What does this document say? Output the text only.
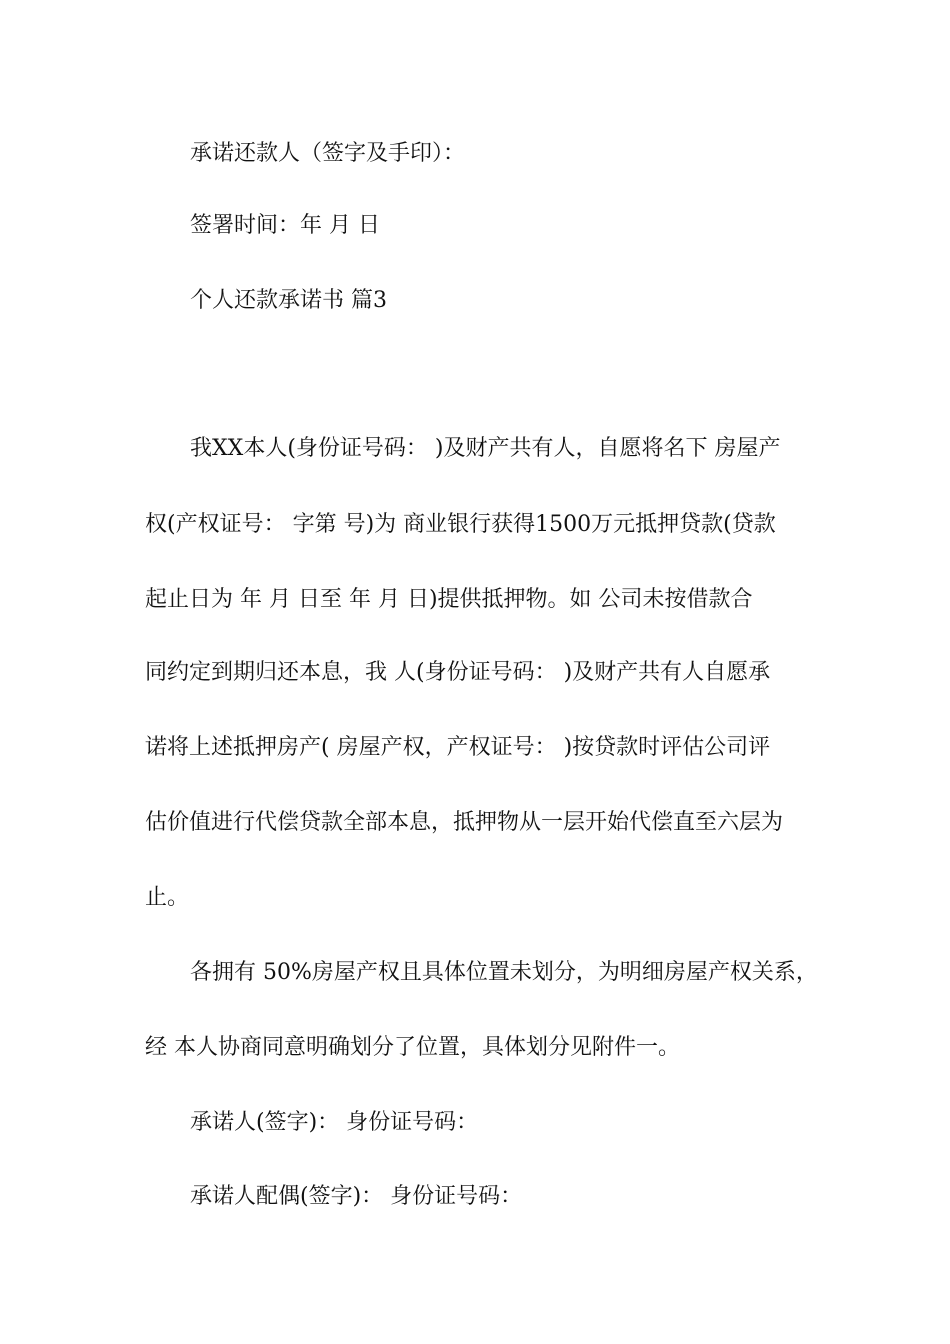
承诺还款人（签字及手印）：
签署时间：年 月 日
个人还款承诺书 篇3
我XX本人(身份证号码： )及财产共有人，自愿将名下 房屋产
权(产权证号： 字第 号)为 商业银行获得1500万元抵押贷款(贷款
起止日为 年 月 日至 年 月 日)提供抵押物。如 公司未按借款合
同约定到期归还本息，我 人(身份证号码： )及财产共有人自愿承
诺将上述抵押房产( 房屋产权，产权证号： )按贷款时评估公司评
估价值进行代偿贷款全部本息，抵押物从一层开始代偿直至六层为
止。
各拥有 50%房屋产权且具体位置未划分，为明细房屋产权关系，
经 本人协商同意明确划分了位置，具体划分见附件一。
承诺人(签字)： 身份证号码：
承诺人配偶(签字)： 身份证号码：
